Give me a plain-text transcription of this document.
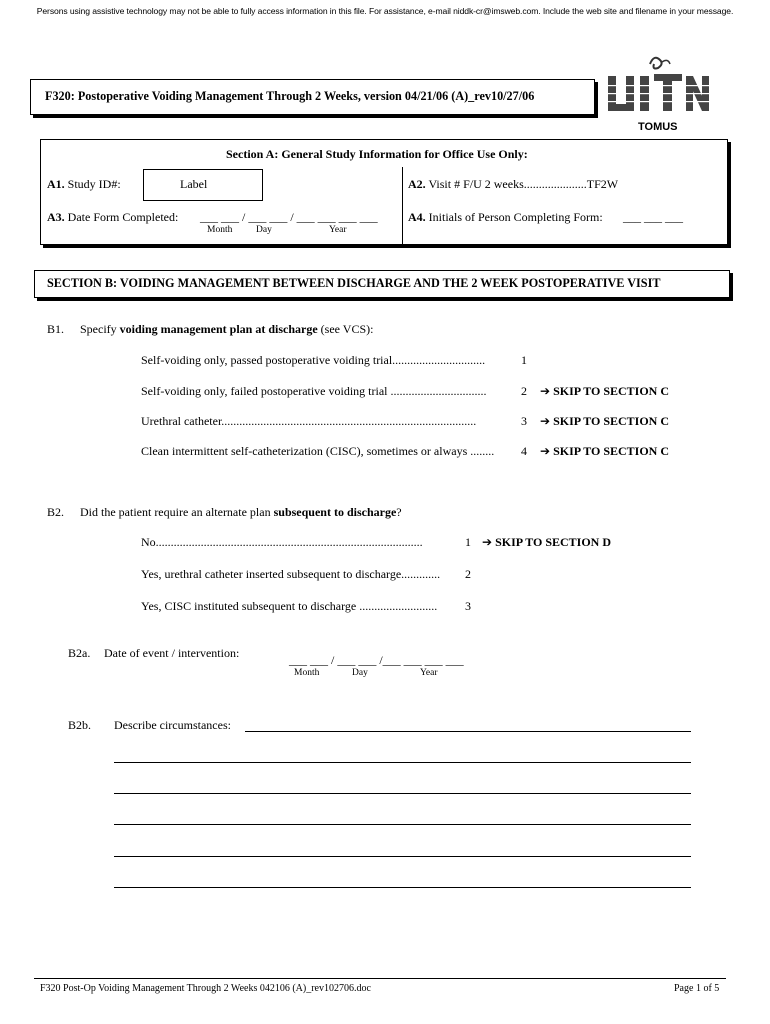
Persons using assistive technology may not be able to fully access information in this file. For assistance, e-mail niddk-cr@imsweb.com. Include the web site and filename in your message.
F320: Postoperative Voiding Management Through 2 Weeks, version 04/21/06 (A)_rev10/27/06
TOMUS
Section A: General Study Information for Office Use Only:
A1. Study ID#:	Label	A2. Visit # F/U 2 weeks.....................TF2W
A3. Date Form Completed: ___ ___ / ___ ___ / ___ ___ ___ ___
Month Day	Year
A4. Initials of Person Completing Form: ___ ___ ___
SECTION B: VOIDING MANAGEMENT BETWEEN DISCHARGE AND THE 2 WEEK POSTOPERATIVE VISIT
B1. Specify voiding management plan at discharge (see VCS):
Self-voiding only, passed postoperative voiding trial...............................	1
Self-voiding only, failed postoperative voiding trial ................................	2 ➔ SKIP TO SECTION C
Urethral catheter.....................................................................................	3 ➔ SKIP TO SECTION C
Clean intermittent self-catheterization (CISC), sometimes or always ........ 4 ➔ SKIP TO SECTION C
B2. Did the patient require an alternate plan subsequent to discharge?
No.........................................................................................	1 ➔ SKIP TO SECTION D
Yes, urethral catheter inserted subsequent to discharge............. 2
Yes, CISC instituted subsequent to discharge .......................... 3
B2a. Date of event / intervention:	___ ___ / ___ ___ /___ ___ ___ ___
Month	Day	Year
B2b. Describe circumstances:
F320 Post-Op Voiding Management Through 2 Weeks 042106 (A)_rev102706.doc	Page 1 of 5
